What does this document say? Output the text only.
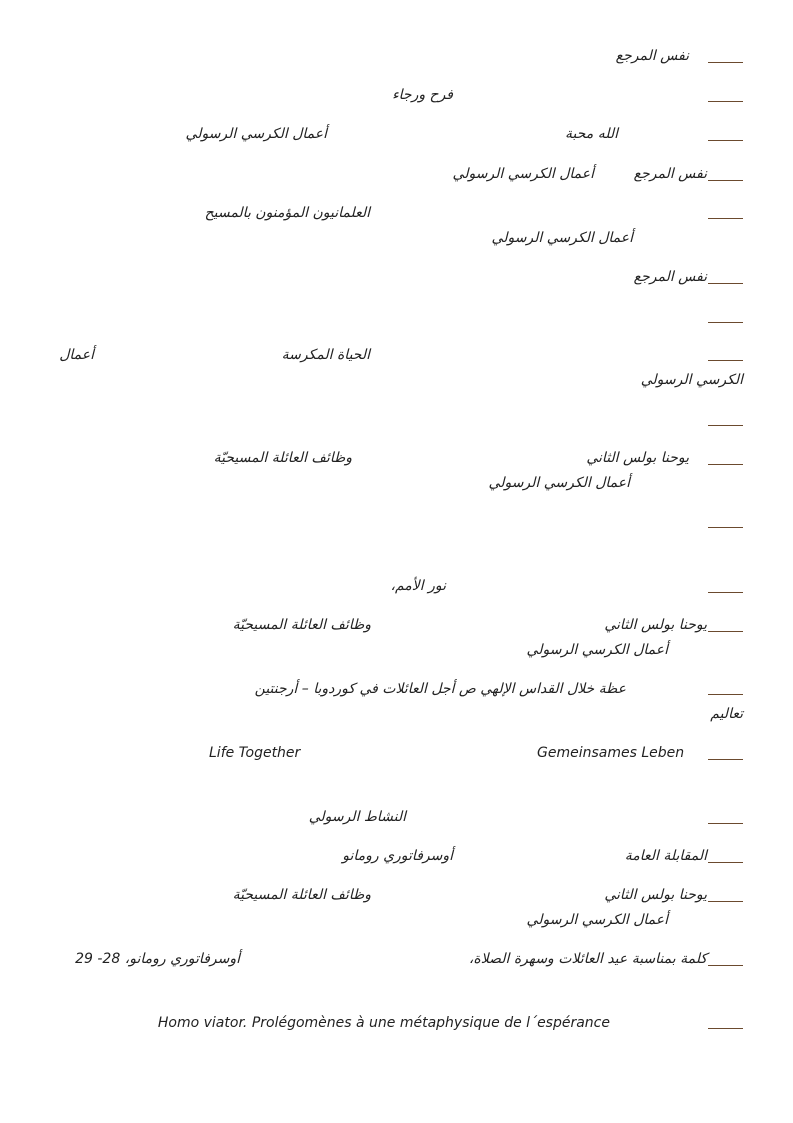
نفس المرجع
فرح ورجاء
الله محبة
أعمال الكرسي الرسولي
نفس المرجع
أعمال الكرسي الرسولي
العلمانيون المؤمنون بالمسيح
أعمال الكرسي الرسولي
نفس المرجع
الحياة المكرسة
أعمال
الكرسي الرسولي
يوحنا بولس الثاني
وظائف العائلة المسيحيّة
أعمال الكرسي الرسولي
نور الأمم،
يوحنا بولس الثاني
وظائف العائلة المسيحيّة
أعمال الكرسي الرسولي
عظة خلال القداس الإلهي ص أجل العائلات في كوردوبا – أرجنتين
تعاليم
Gemeinsames Leben
Life Together
النشاط الرسولي
المقابلة العامة
أوسرفاتوري رومانو
يوحنا بولس الثاني
وظائف العائلة المسيحيّة
أعمال الكرسي الرسولي
كلمة بمناسبة عيد العائلات وسهرة الصلاة،
أوسرفاتوري رومانو، 28- 29
Homo viator. Prolégomènes à une métaphysique de l´espérance
